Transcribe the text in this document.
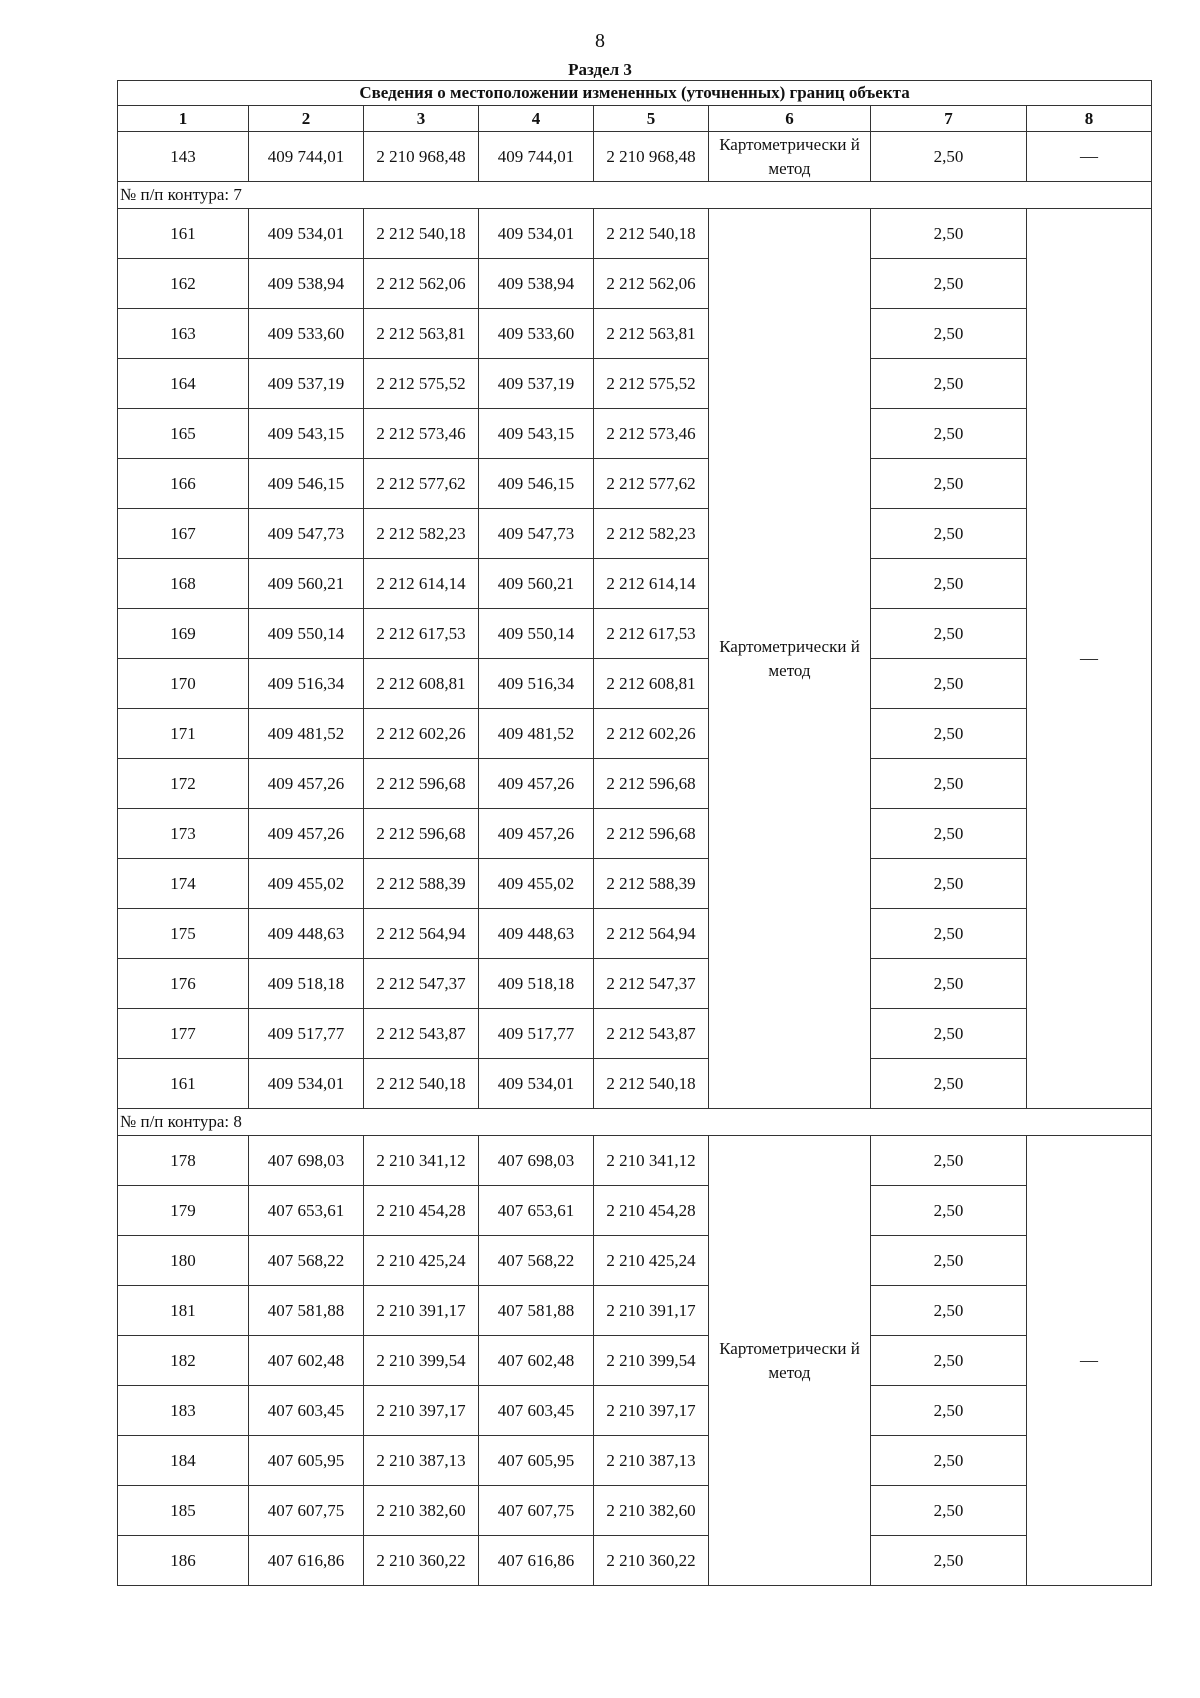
8
Раздел 3
Сведения о местоположении измененных (уточненных) границ объекта							
1	2	3	4	5	6	7	8
143	409 744,01	2 210 968,48	409 744,01	2 210 968,48	Картометрически й метод	2,50	—
№ п/п контура: 7							
161	409 534,01	2 212 540,18	409 534,01	2 212 540,18	Картометрически й метод	2,50	—
162	409 538,94	2 212 562,06	409 538,94	2 212 562,06		2,50	
163	409 533,60	2 212 563,81	409 533,60	2 212 563,81		2,50	
164	409 537,19	2 212 575,52	409 537,19	2 212 575,52		2,50	
165	409 543,15	2 212 573,46	409 543,15	2 212 573,46		2,50	
166	409 546,15	2 212 577,62	409 546,15	2 212 577,62		2,50	
167	409 547,73	2 212 582,23	409 547,73	2 212 582,23		2,50	
168	409 560,21	2 212 614,14	409 560,21	2 212 614,14		2,50	
169	409 550,14	2 212 617,53	409 550,14	2 212 617,53		2,50	
170	409 516,34	2 212 608,81	409 516,34	2 212 608,81		2,50	
171	409 481,52	2 212 602,26	409 481,52	2 212 602,26		2,50	
172	409 457,26	2 212 596,68	409 457,26	2 212 596,68		2,50	
173	409 457,26	2 212 596,68	409 457,26	2 212 596,68		2,50	
174	409 455,02	2 212 588,39	409 455,02	2 212 588,39		2,50	
175	409 448,63	2 212 564,94	409 448,63	2 212 564,94		2,50	
176	409 518,18	2 212 547,37	409 518,18	2 212 547,37		2,50	
177	409 517,77	2 212 543,87	409 517,77	2 212 543,87		2,50	
161	409 534,01	2 212 540,18	409 534,01	2 212 540,18		2,50	
№ п/п контура: 8							
178	407 698,03	2 210 341,12	407 698,03	2 210 341,12	Картометрически й метод	2,50	—
179	407 653,61	2 210 454,28	407 653,61	2 210 454,28		2,50	
180	407 568,22	2 210 425,24	407 568,22	2 210 425,24		2,50	
181	407 581,88	2 210 391,17	407 581,88	2 210 391,17		2,50	
182	407 602,48	2 210 399,54	407 602,48	2 210 399,54		2,50	
183	407 603,45	2 210 397,17	407 603,45	2 210 397,17		2,50	
184	407 605,95	2 210 387,13	407 605,95	2 210 387,13		2,50	
185	407 607,75	2 210 382,60	407 607,75	2 210 382,60		2,50	
186	407 616,86	2 210 360,22	407 616,86	2 210 360,22		2,50	
